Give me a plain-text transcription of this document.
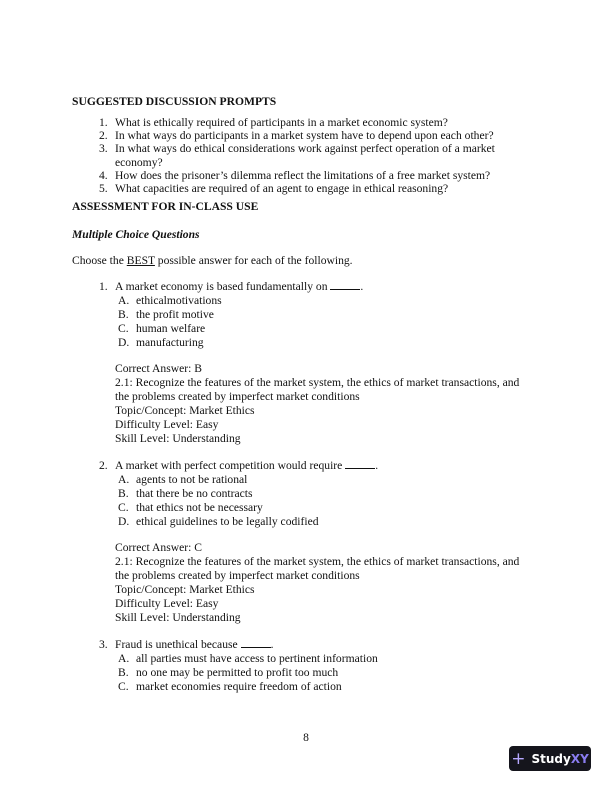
SUGGESTED DISCUSSION PROMPTS
1. What is ethically required of participants in a market economic system?
2. In what ways do participants in a market system have to depend upon each other?
3. In what ways do ethical considerations work against perfect operation of a market
economy?
4. How does the prisoner’s dilemma reflect the limitations of a free market system?
5. What capacities are required of an agent to engage in ethical reasoning?
ASSESSMENT FOR IN-CLASS USE
Multiple Choice Questions
Choose the BEST possible answer for each of the following.
1. A market economy is based fundamentally on	.
A. ethicalmotivations
B. the profit motive
C. human welfare
D. manufacturing
Correct Answer: B
2.1: Recognize the features of the market system, the ethics of market transactions, and
the problems created by imperfect market conditions
Topic/Concept: Market Ethics
Difficulty Level: Easy
Skill Level: Understanding
2. A market with perfect competition would require	.
A. agents to not be rational
B. that there be no contracts
C. that ethics not be necessary
D. ethical guidelines to be legally codified
Correct Answer: C
2.1: Recognize the features of the market system, the ethics of market transactions, and
the problems created by imperfect market conditions
Topic/Concept: Market Ethics
Difficulty Level: Easy
Skill Level: Understanding
3. Fraud is unethical because	.
A. all parties must have access to pertinent information
B. no one may be permitted to profit too much
C. market economies require freedom of action
8
+ StudyXY
